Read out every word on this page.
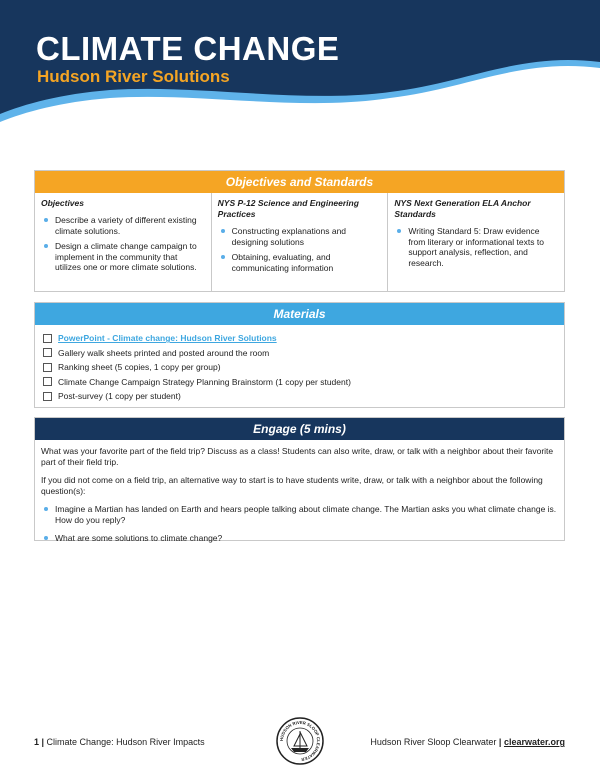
CLIMATE CHANGE
Hudson River Solutions
Objectives and Standards
Objectives
Describe a variety of different existing climate solutions.
Design a climate change campaign to implement in the community that utilizes one or more climate solutions.
NYS P-12 Science and Engineering Practices
Constructing explanations and designing solutions
Obtaining, evaluating, and communicating information
NYS Next Generation ELA Anchor Standards
Writing Standard 5: Draw evidence from literary or informational texts to support analysis, reflection, and research.
Materials
PowerPoint - Climate change: Hudson River Solutions
Gallery walk sheets printed and posted around the room
Ranking sheet (5 copies, 1 copy per group)
Climate Change Campaign Strategy Planning Brainstorm (1 copy per student)
Post-survey (1 copy per student)
Engage (5 mins)

What was your favorite part of the field trip? Discuss as a class! Students can also write, draw, or talk with a neighbor about their favorite part of their field trip.

If you did not come on a field trip, an alternative way to start is to have students write, draw, or talk with a neighbor about the following question(s):

Imagine a Martian has landed on Earth and hears people talking about climate change. The Martian asks you what climate change is. How do you reply?
What are some solutions to climate change?
1 | Climate Change: Hudson River Impacts	HUDSON RIVER SLOOP CLEARWATER
Hudson River Sloop Clearwater | clearwater.org
